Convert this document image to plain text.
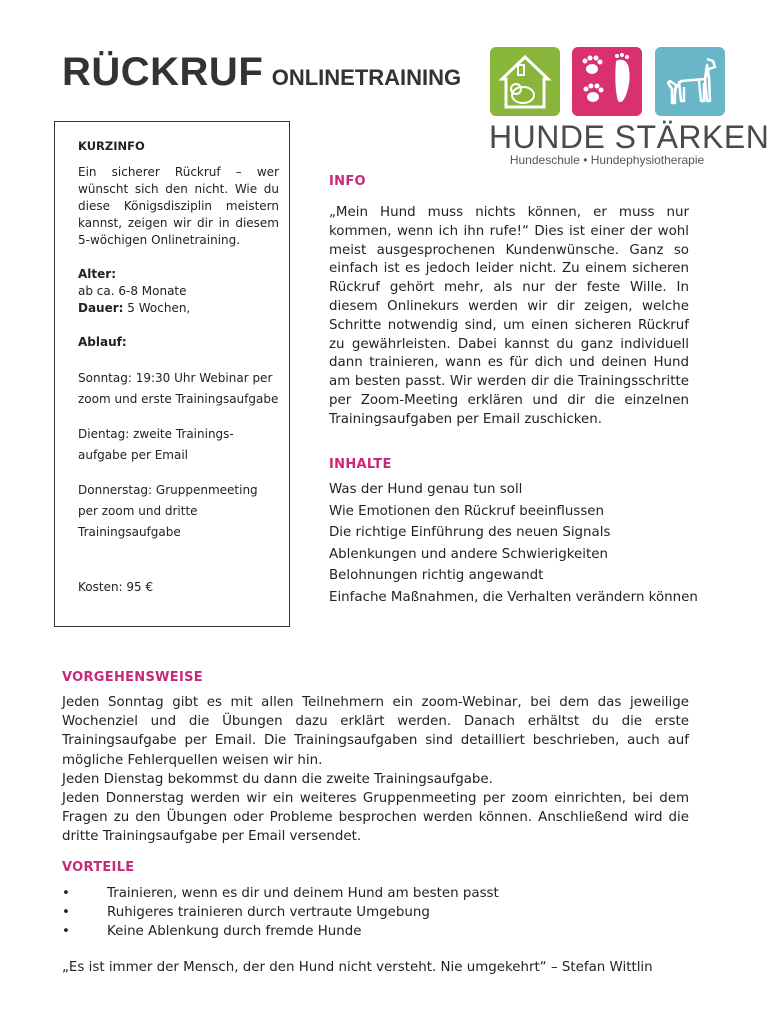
RÜCKRUF ONLINETRAINING
HUNDE STÄRKEN
Hundeschule • Hundephysiotherapie

KURZINFO

Ein sicherer Rückruf – wer wünscht sich den nicht. Wie du diese Königsdisziplin meistern kannst, zeigen wir dir in diesem 5-wöchigen Onlinetraining.

Alter:

ab ca. 6-8 Monate

Dauer: 5 Wochen,

Ablauf:

Sonntag: 19:30 Uhr Webinar per zoom und erste Trainingsaufgabe

Dientag: zweite Trainings-aufgabe per Email

Donnerstag: Gruppenmeeting per zoom und dritte Trainingsaufgabe

Kosten: 95 €

INFO
„Mein Hund muss nichts können, er muss nur kommen, wenn ich ihn rufe!“ Dies ist einer der wohl meist ausgesprochenen Kundenwünsche. Ganz so einfach ist es jedoch leider nicht. Zu einem sicheren Rückruf gehört mehr, als nur der feste Wille. In diesem Onlinekurs werden wir dir zeigen, welche Schritte notwendig sind, um einen sicheren Rückruf zu gewährleisten. Dabei kannst du ganz individuell dann trainieren, wann es für dich und deinen Hund am besten passt. Wir werden dir die Trainingsschritte per Zoom-Meeting erklären und dir die einzelnen Trainingsaufgaben per Email zuschicken.
INHALTE
Was der Hund genau tun soll
Wie Emotionen den Rückruf beeinflussen
Die richtige Einführung des neuen Signals
Ablenkungen und andere Schwierigkeiten
Belohnungen richtig angewandt
Einfache Maßnahmen, die Verhalten verändern können
VORGEHENSWEISE

Jeden Sonntag gibt es mit allen Teilnehmern ein zoom-Webinar, bei dem das jeweilige Wochenziel und die Übungen dazu erklärt werden. Danach erhältst du die erste Trainingsaufgabe per Email. Die Trainingsaufgaben sind detailliert beschrieben, auch auf mögliche Fehlerquellen weisen wir hin.

Jeden Dienstag bekommst du dann die zweite Trainingsaufgabe.

Jeden Donnerstag werden wir ein weiteres Gruppenmeeting per zoom einrichten, bei dem Fragen zu den Übungen oder Probleme besprochen werden können. Anschließend wird die dritte Trainingsaufgabe per Email versendet.

VORTEILE
•	Trainieren, wenn es dir und deinem Hund am besten passt
•	Ruhigeres trainieren durch vertraute Umgebung
•	Keine Ablenkung durch fremde Hunde
„Es ist immer der Mensch, der den Hund nicht versteht. Nie umgekehrt“ – Stefan Wittlin
